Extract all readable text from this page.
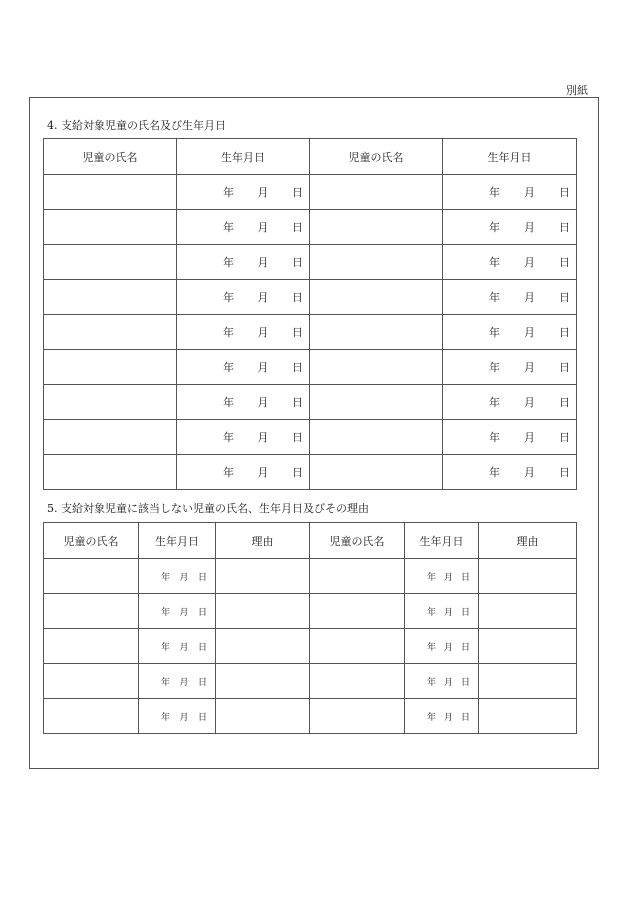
別紙
4. 支給対象児童の氏名及び生年月日
児童の氏名	生年月日	児童の氏名	生年月日

	年 月 日		年 月 日

	年 月 日		年 月 日

	年 月 日		年 月 日

	年 月 日		年 月 日

	年 月 日		年 月 日

	年 月 日		年 月 日

	年 月 日		年 月 日

	年 月 日		年 月 日

	年 月 日		年 月 日
5. 支給対象児童に該当しない児童の氏名、生年月日及びその理由
児童の氏名	生年月日	理由	児童の氏名	生年月日	理由

	年 月 日			年 月 日	

	年 月 日			年 月 日	

	年 月 日			年 月 日	

	年 月 日			年 月 日	

	年 月 日			年 月 日	
